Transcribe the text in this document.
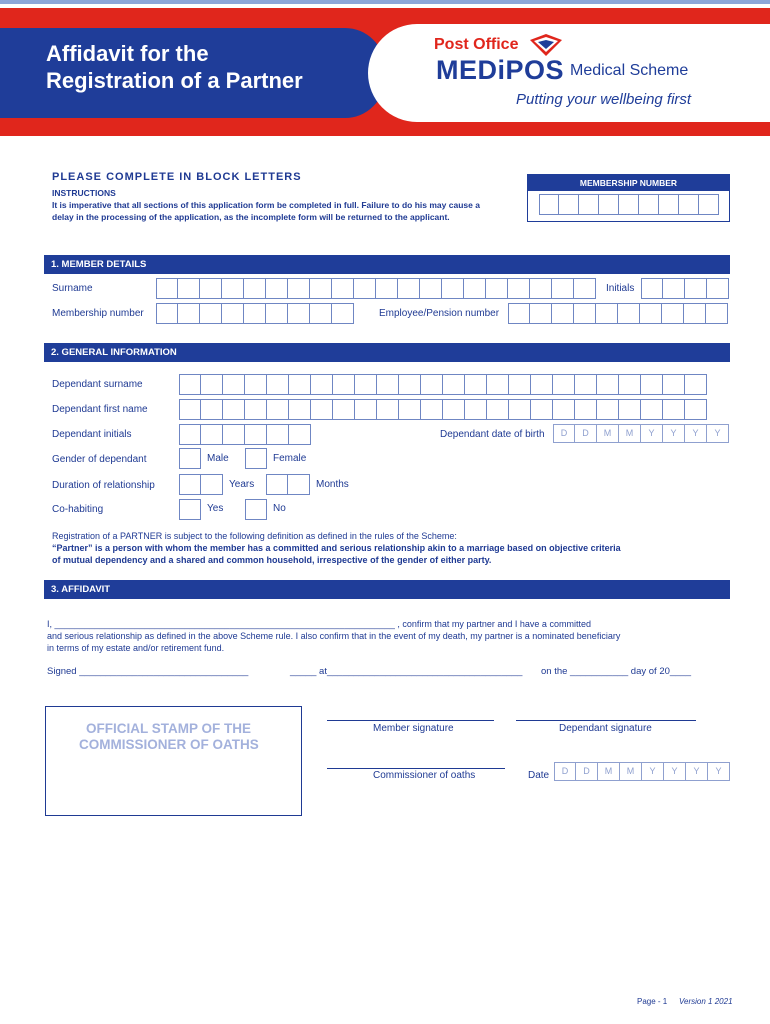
Affidavit for the
Registration of a Partner
Post Office
MEDiPOS Medical Scheme
Putting your wellbeing first
PLEASE COMPLETE IN BLOCK LETTERS
INSTRUCTIONS
It is imperative that all sections of this application form be completed in full. Failure to do his may cause a delay in the processing of the application, as the incomplete form will be returned to the applicant.
MEMBERSHIP NUMBER
1. MEMBER DETAILS
Surname	Initials
Membership number	Employee/Pension number
2. GENERAL INFORMATION
Dependant surname
Dependant first name
Dependant initials	Dependant date of birth	D	D	M	M	Y	Y	Y	Y
Gender of dependant	Male	Female
Duration of relationship	Years	Months
Co-habiting	Yes	No
Registration of a PARTNER is subject to the following definition as defined in the rules of the Scheme:
“Partner” is a person with whom the member has a committed and serious relationship akin to a marriage based on objective criteria
of mutual dependency and a shared and common household, irrespective of the gender of either party.
3. AFFIDAVIT
I, ____________________________________________________________________ , confirm that my partner and I have a committed
and serious relationship as defined in the above Scheme rule. I also confirm that in the event of my death, my partner is a nominated beneficiary
in terms of my estate and/or retirement fund.
Signed ________________________________	_____ at_____________________________________ on the ___________ day of 20____
OFFICIAL STAMP OF THE
COMMISSIONER OF OATHS
Member signature	Dependant signature
Commissioner of oaths	Date	D	D	M	M	Y	Y	Y	Y
Page - 1 Version 1 2021
